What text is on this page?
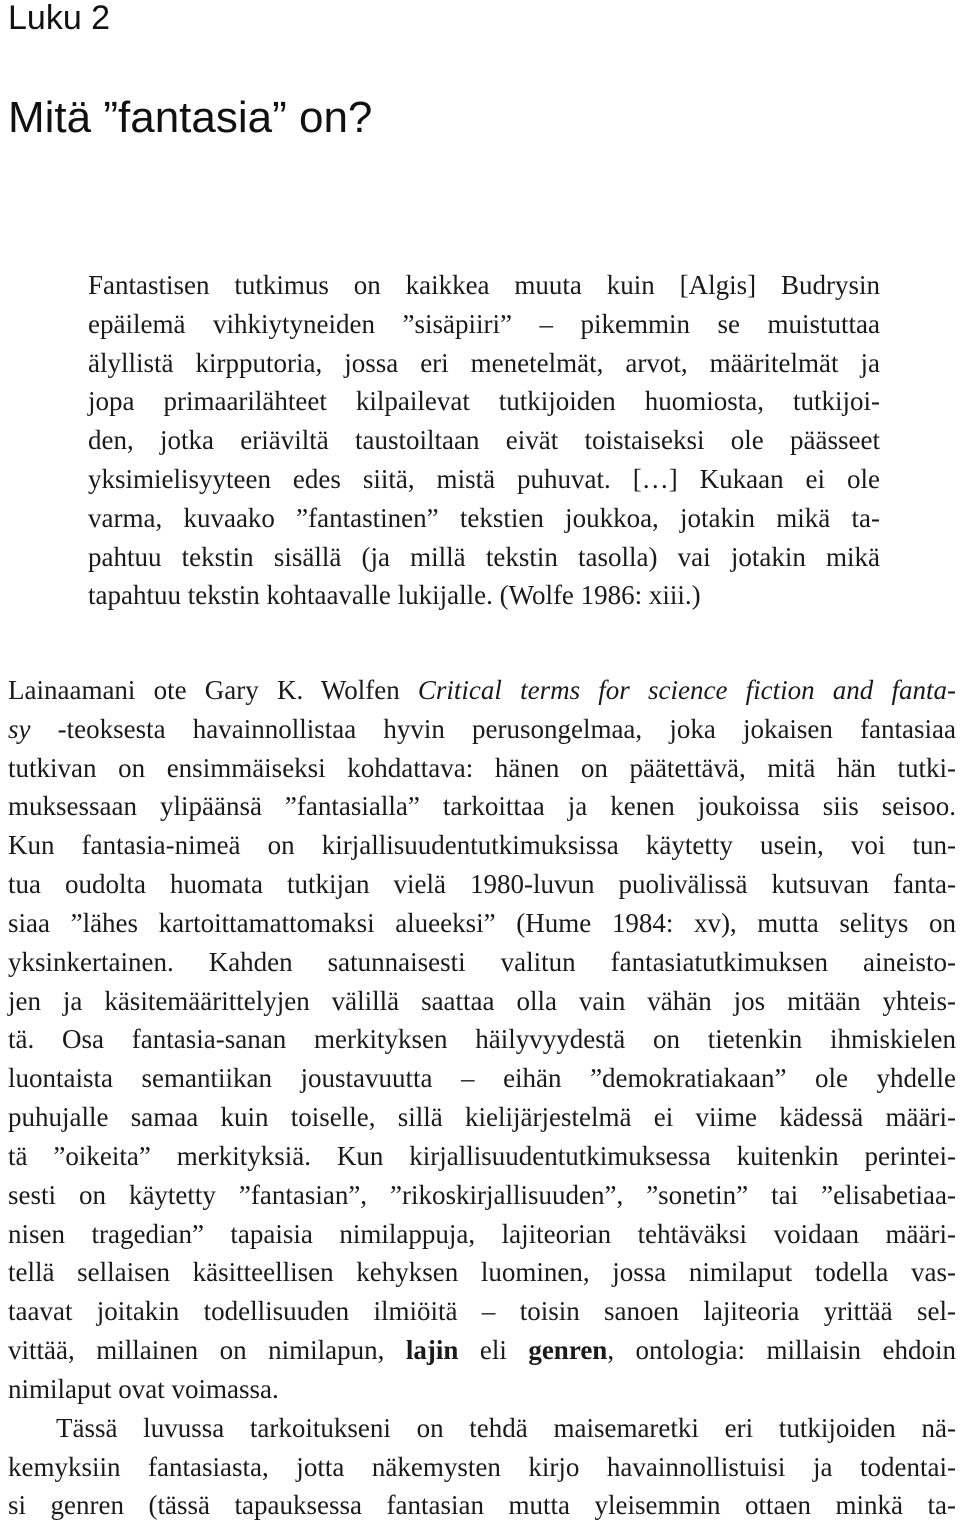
Luku 2
Mitä ”fantasia” on?
Fantastisen tutkimus on kaikkea muuta kuin [Algis] Budrysin
epäilemä vihkiytyneiden ”sisäpiiri” – pikemmin se muistuttaa
älyllistä kirpputoria, jossa eri menetelmät, arvot, määritelmät ja
jopa primaarilähteet kilpailevat tutkijoiden huomiosta, tutkijoi-
den, jotka eriäviltä taustoiltaan eivät toistaiseksi ole päässeet
yksimielisyyteen edes siitä, mistä puhuvat. […] Kukaan ei ole
varma, kuvaako ”fantastinen” tekstien joukkoa, jotakin mikä ta-
pahtuu tekstin sisällä (ja millä tekstin tasolla) vai jotakin mikä
tapahtuu tekstin kohtaavalle lukijalle. (Wolfe 1986: xiii.)
Lainaamani ote Gary K. Wolfen Critical terms for science fiction and fanta-
sy -teoksesta havainnollistaa hyvin perusongelmaa, joka jokaisen fantasiaa
tutkivan on ensimmäiseksi kohdattava: hänen on päätettävä, mitä hän tutki-
muksessaan ylipäänsä ”fantasialla” tarkoittaa ja kenen joukoissa siis seisoo.
Kun fantasia-nimeä on kirjallisuudentutkimuksissa käytetty usein, voi tun-
tua oudolta huomata tutkijan vielä 1980-luvun puolivälissä kutsuvan fanta-
siaa ”lähes kartoittamattomaksi alueeksi” (Hume 1984: xv), mutta selitys on
yksinkertainen. Kahden satunnaisesti valitun fantasiatutkimuksen aineisto-
jen ja käsitemäärittelyjen välillä saattaa olla vain vähän jos mitään yhteis-
tä. Osa fantasia-sanan merkityksen häilyvyydestä on tietenkin ihmiskielen
luontaista semantiikan joustavuutta – eihän ”demokratiakaan” ole yhdelle
puhujalle samaa kuin toiselle, sillä kielijärjestelmä ei viime kädessä määri-
tä ”oikeita” merkityksiä. Kun kirjallisuudentutkimuksessa kuitenkin perintei-
sesti on käytetty ”fantasian”, ”rikoskirjallisuuden”, ”sonetin” tai ”elisabetiaa-
nisen tragedian” tapaisia nimilappuja, lajiteorian tehtäväksi voidaan määri-
tellä sellaisen käsitteellisen kehyksen luominen, jossa nimilaput todella vas-
taavat joitakin todellisuuden ilmiöitä – toisin sanoen lajiteoria yrittää sel-
vittää, millainen on nimilapun, lajin eli genren, ontologia: millaisin ehdoin
nimilaput ovat voimassa.
Tässä luvussa tarkoitukseni on tehdä maisemaretki eri tutkijoiden nä-
kemyksiin fantasiasta, jotta näkemysten kirjo havainnollistuisi ja todentai-
si genren (tässä tapauksessa fantasian mutta yleisemmin ottaen minkä ta-
